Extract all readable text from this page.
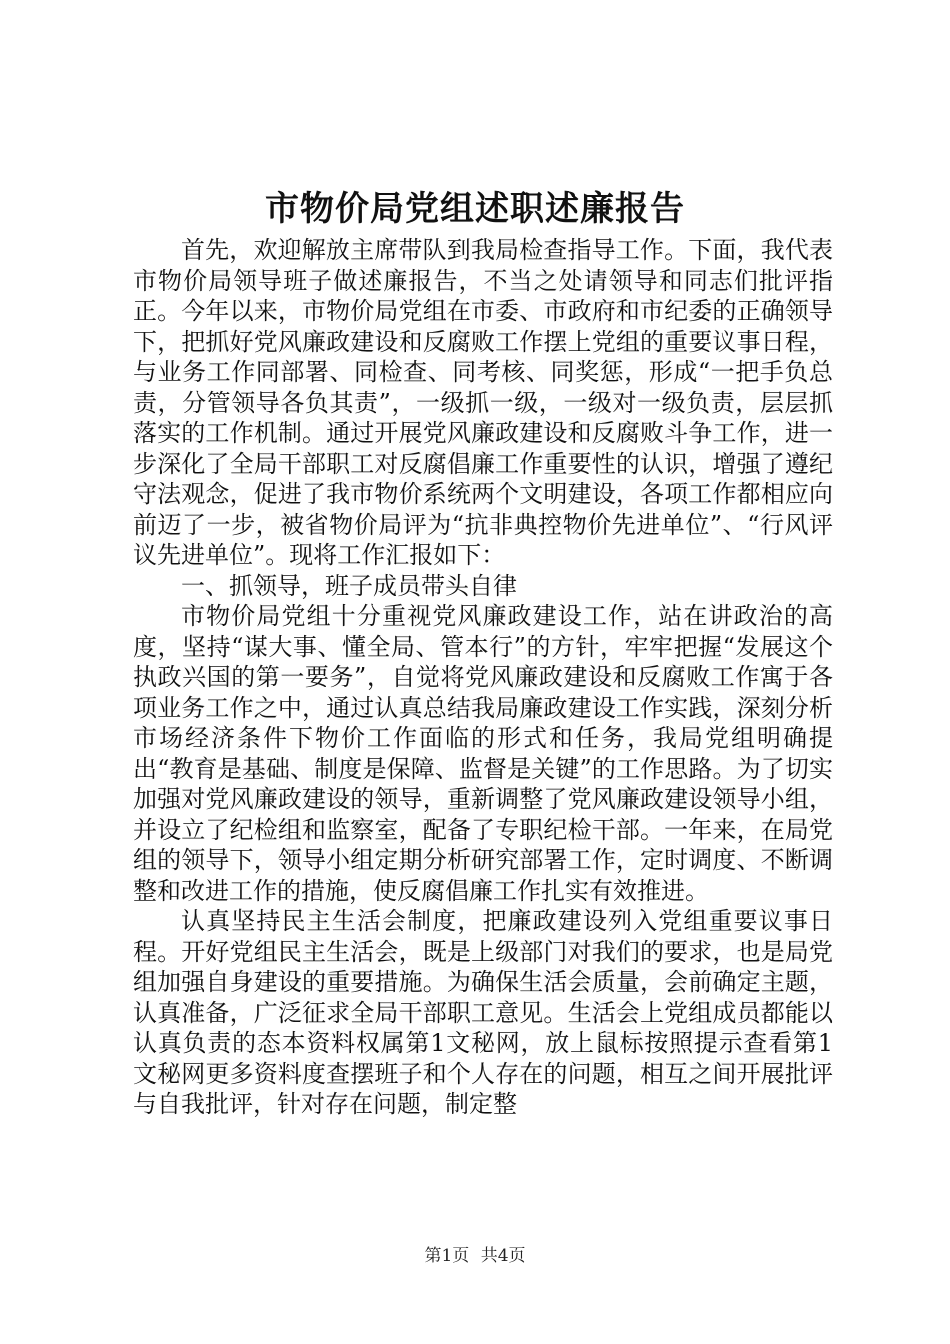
市物价局党组述职述廉报告

首先，欢迎解放主席带队到我局检查指导工作。下面，我代表市物价局领导班子做述廉报告，不当之处请领导和同志们批评指正。今年以来，市物价局党组在市委、市政府和市纪委的正确领导下，把抓好党风廉政建设和反腐败工作摆上党组的重要议事日程，与业务工作同部署、同检查、同考核、同奖惩，形成“一把手负总责，分管领导各负其责”，一级抓一级，一级对一级负责，层层抓落实的工作机制。通过开展党风廉政建设和反腐败斗争工作，进一步深化了全局干部职工对反腐倡廉工作重要性的认识，增强了遵纪守法观念，促进了我市物价系统两个文明建设，各项工作都相应向前迈了一步，被省物价局评为“抗非典控物价先进单位”、“行风评议先进单位”。现将工作汇报如下：

一、抓领导，班子成员带头自律

市物价局党组十分重视党风廉政建设工作，站在讲政治的高度，坚持“谋大事、懂全局、管本行”的方针，牢牢把握“发展这个执政兴国的第一要务”，自觉将党风廉政建设和反腐败工作寓于各项业务工作之中，通过认真总结我局廉政建设工作实践，深刻分析市场经济条件下物价工作面临的形式和任务，我局党组明确提出“教育是基础、制度是保障、监督是关键”的工作思路。为了切实加强对党风廉政建设的领导，重新调整了党风廉政建设领导小组，并设立了纪检组和监察室，配备了专职纪检干部。一年来，在局党组的领导下，领导小组定期分析研究部署工作，定时调度、不断调整和改进工作的措施，使反腐倡廉工作扎实有效推进。

认真坚持民主生活会制度，把廉政建设列入党组重要议事日程。开好党组民主生活会，既是上级部门对我们的要求，也是局党组加强自身建设的重要措施。为确保生活会质量，会前确定主题，认真准备，广泛征求全局干部职工意见。生活会上党组成员都能以认真负责的态本资料权属第1文秘网，放上鼠标按照提示查看第1文秘网更多资料度查摆班子和个人存在的问题，相互之间开展批评与自我批评，针对存在问题，制定整

第1页 共4页
